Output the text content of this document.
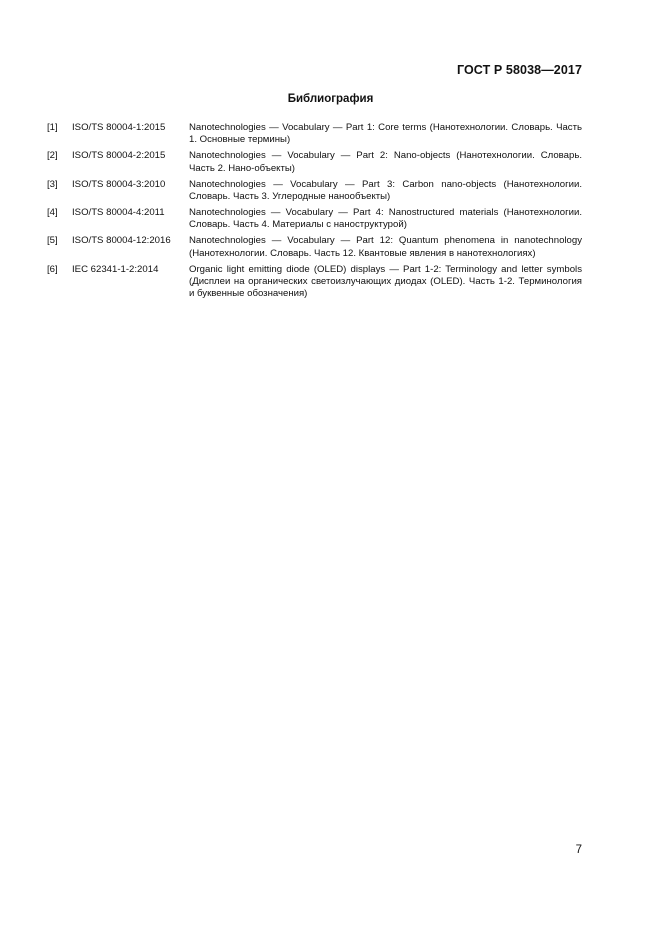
ГОСТ Р 58038—2017
Библиография
[1]	ISO/TS 80004-1:2015	Nanotechnologies — Vocabulary — Part 1: Core terms (Нанотехнологии. Словарь. Часть 1. Основные термины)
[2]	ISO/TS 80004-2:2015	Nanotechnologies — Vocabulary — Part 2: Nano-objects (Нанотехнологии. Словарь. Часть 2. Нано-объекты)
[3]	ISO/TS 80004-3:2010	Nanotechnologies — Vocabulary — Part 3: Carbon nano-objects (Нанотехнологии. Словарь. Часть 3. Углеродные нанообъекты)
[4]	ISO/TS 80004-4:2011	Nanotechnologies — Vocabulary — Part 4: Nanostructured materials (Нанотехнологии. Словарь. Часть 4. Материалы с наноструктурой)
[5]	ISO/TS 80004-12:2016	Nanotechnologies — Vocabulary — Part 12: Quantum phenomena in nanotechnology (Нанотехнологии. Словарь. Часть 12. Квантовые явления в нанотехнологиях)
[6]	IEC 62341-1-2:2014	Organic light emitting diode (OLED) displays — Part 1-2: Terminology and letter symbols (Дисплеи на органических светоизлучающих диодах (OLED). Часть 1-2. Терминология и буквенные обозначения)
7
